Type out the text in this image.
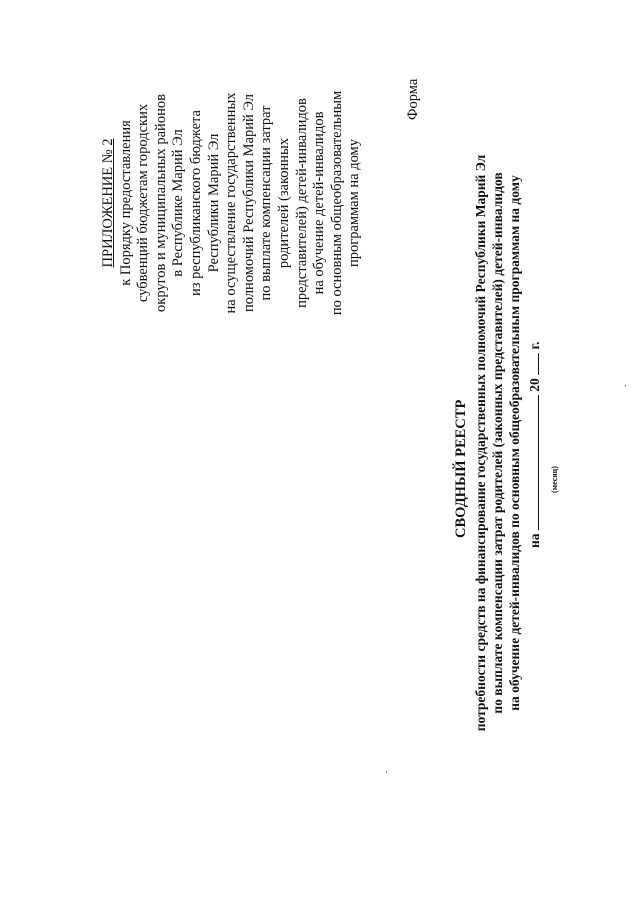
ПРИЛОЖЕНИЕ № 2 к Порядку предоставления субвенций бюджетам городских округов и муниципальных районов в Республике Марий Эл из республиканского бюджета Республики Марий Эл на осуществление государственных полномочий Республики Марий Эл по выплате компенсации затрат родителей (законных представителей) детей-инвалидов на обучение детей-инвалидов по основным общеобразовательным программам на дому
Форма
СВОДНЫЙ РЕЕСТР потребности средств на финансирование государственных полномочий Республики Марий Эл по выплате компенсации затрат родителей (законных представителей) детей-инвалидов на обучение детей-инвалидов по основным общеобразовательным программам на дому на  20  г.
(месяц)
